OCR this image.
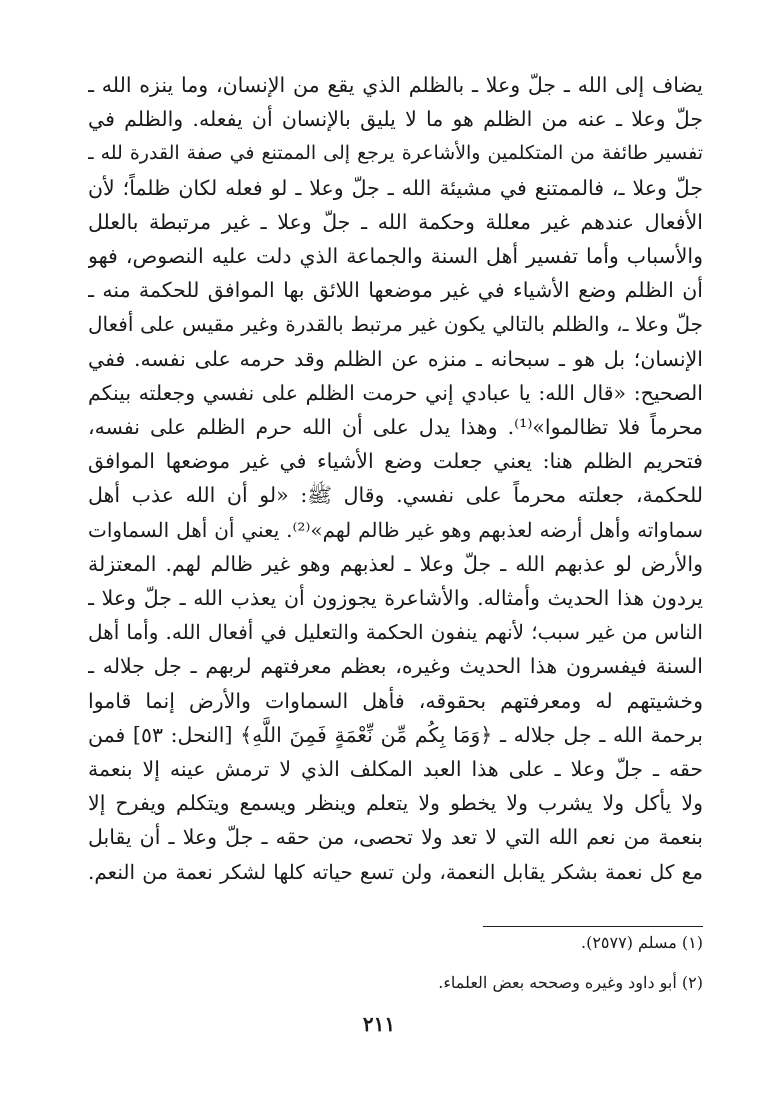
يضاف إلى الله ـ جلّ وعلا ـ بالظلم الذي يقع من الإنسان، وما ينزه الله ـ
جلّ وعلا ـ عنه من الظلم هو ما لا يليق بالإنسان أن يفعله. والظلم في
تفسير طائفة من المتكلمين والأشاعرة يرجع إلى الممتنع في صفة القدرة لله ـ
جلّ وعلا ـ، فالممتنع في مشيئة الله ـ جلّ وعلا ـ لو فعله لكان ظلماً؛ لأن
الأفعال عندهم غير معللة وحكمة الله ـ جلّ وعلا ـ غير مرتبطة بالعلل
والأسباب وأما تفسير أهل السنة والجماعة الذي دلت عليه النصوص، فهو
أن الظلم وضع الأشياء في غير موضعها اللائق بها الموافق للحكمة منه ـ
جلّ وعلا ـ، والظلم بالتالي يكون غير مرتبط بالقدرة وغير مقيس على أفعال
الإنسان؛ بل هو ـ سبحانه ـ منزه عن الظلم وقد حرمه على نفسه. ففي
الصحيح: «قال الله: يا عبادي إني حرمت الظلم على نفسي وجعلته بينكم
محرماً فلا تظالموا»⁽¹⁾. وهذا يدل على أن الله حرم الظلم على نفسه،
فتحريم الظلم هنا: يعني جعلت وضع الأشياء في غير موضعها الموافق
للحكمة، جعلته محرماً على نفسي. وقال ﷺ: «لو أن الله عذب أهل
سماواته وأهل أرضه لعذبهم وهو غير ظالم لهم»⁽²⁾. يعني أن أهل السماوات
والأرض لو عذبهم الله ـ جلّ وعلا ـ لعذبهم وهو غير ظالم لهم. المعتزلة
يردون هذا الحديث وأمثاله. والأشاعرة يجوزون أن يعذب الله ـ جلّ وعلا ـ
الناس من غير سبب؛ لأنهم ينفون الحكمة والتعليل في أفعال الله. وأما أهل
السنة فيفسرون هذا الحديث وغيره، بعظم معرفتهم لربهم ـ جل جلاله ـ
وخشيتهم له ومعرفتهم بحقوقه، فأهل السماوات والأرض إنما قاموا
برحمة الله ـ جل جلاله ـ ﴿وَمَا بِكُم مِّن نِّعْمَةٍ فَمِنَ اللَّهِ﴾ [النحل: ٥٣] فمن
حقه ـ جلّ وعلا ـ على هذا العبد المكلف الذي لا ترمش عينه إلا بنعمة
ولا يأكل ولا يشرب ولا يخطو ولا يتعلم وينظر ويسمع ويتكلم ويفرح إلا
بنعمة من نعم الله التي لا تعد ولا تحصى، من حقه ـ جلّ وعلا ـ أن يقابل
مع كل نعمة بشكر يقابل النعمة، ولن تسع حياته كلها لشكر نعمة من النعم.
(١) مسلم (٢٥٧٧).
(٢) أبو داود وغيره وصححه بعض العلماء.
٢١١
